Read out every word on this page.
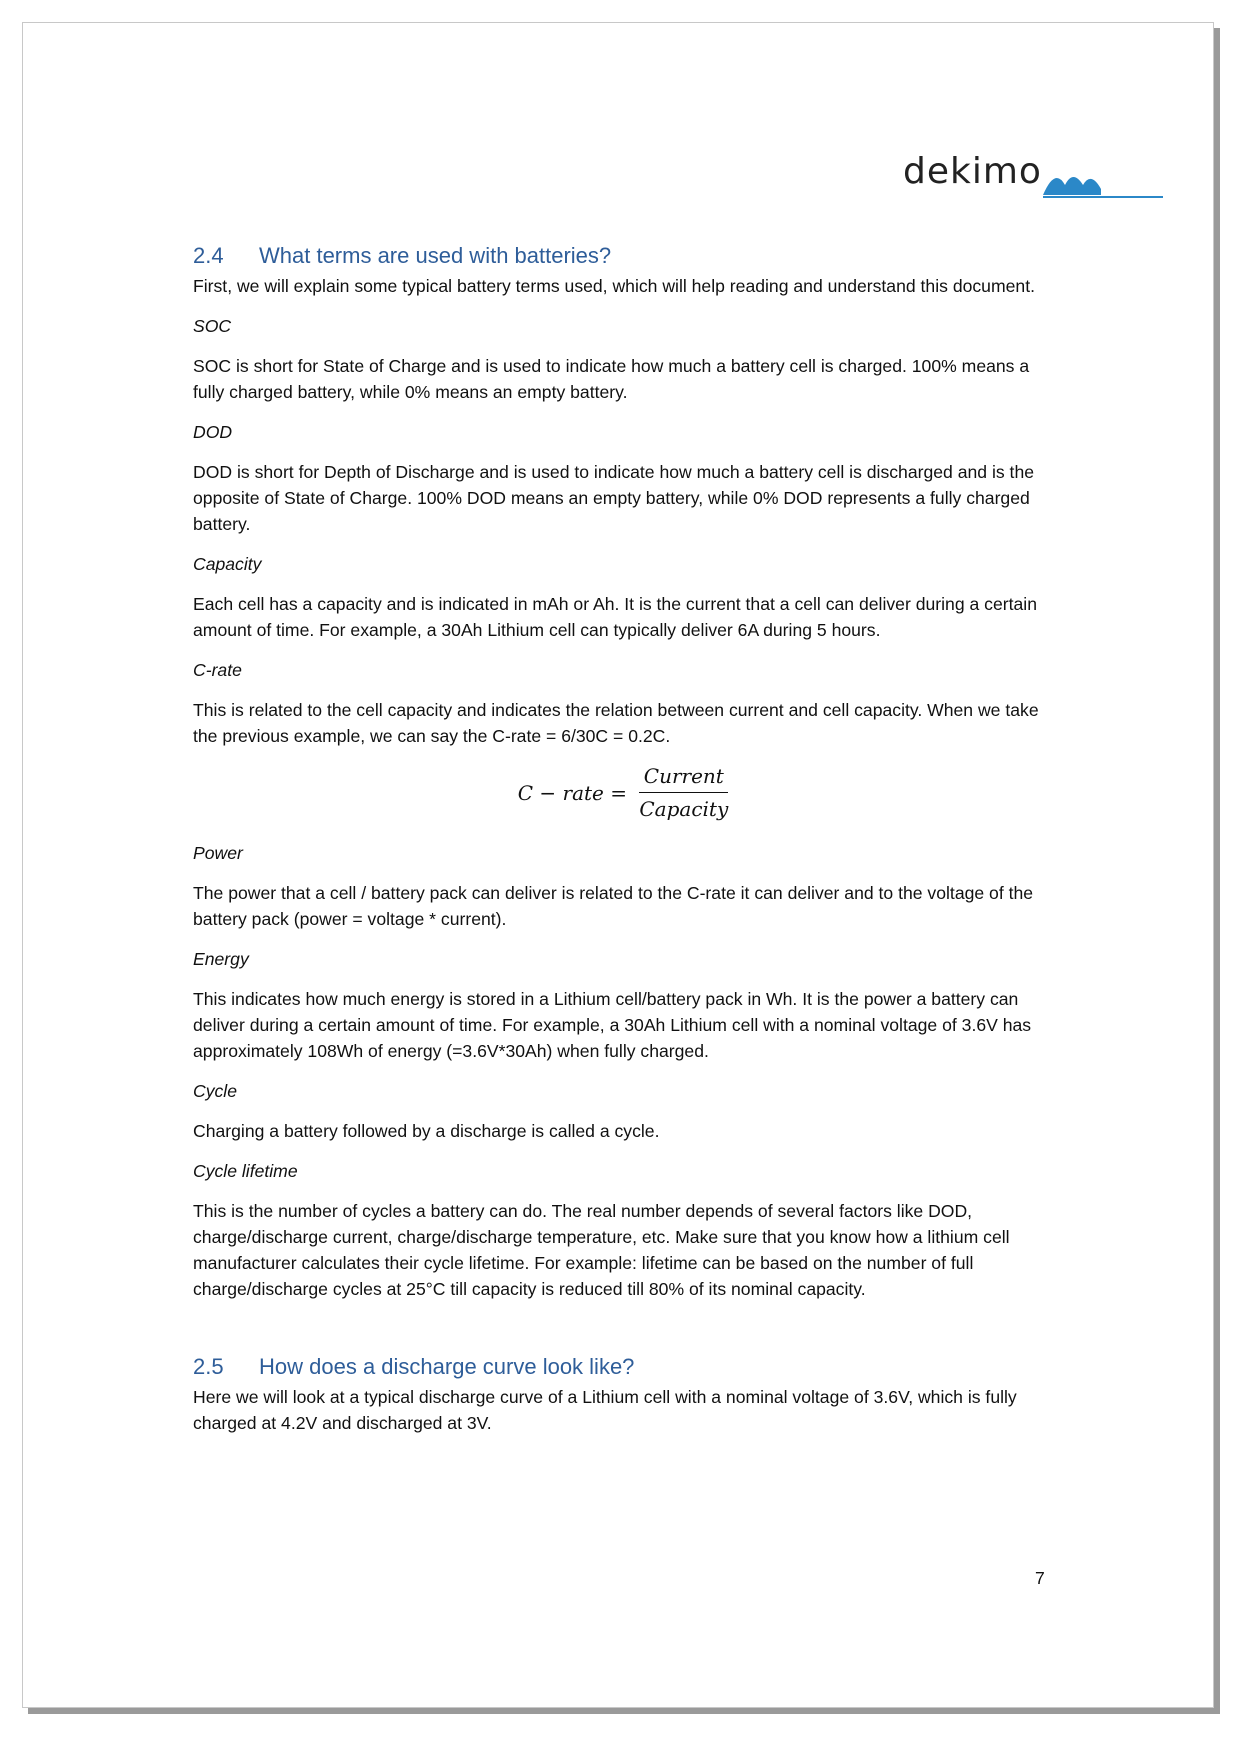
dekimo
2.4	What terms are used with batteries?

First, we will explain some typical battery terms used, which will help reading and understand this document.

SOC

SOC is short for State of Charge and is used to indicate how much a battery cell is charged. 100% means a fully charged battery, while 0% means an empty battery.

DOD

DOD is short for Depth of Discharge and is used to indicate how much a battery cell is discharged and is the opposite of State of Charge. 100% DOD means an empty battery, while 0% DOD represents a fully charged battery.

Capacity

Each cell has a capacity and is indicated in mAh or Ah. It is the current that a cell can deliver during a certain amount of time. For example, a 30Ah Lithium cell can typically deliver 6A during 5 hours.

C-rate

This is related to the cell capacity and indicates the relation between current and cell capacity. When we take the previous example, we can say the C-rate = 6/30C = 0.2C.

C − rate = $\frac{\text{Current}}{\text{Capacity}}$

Power

The power that a cell / battery pack can deliver is related to the C-rate it can deliver and to the voltage of the battery pack (power = voltage * current).

Energy

This indicates how much energy is stored in a Lithium cell/battery pack in Wh. It is the power a battery can deliver during a certain amount of time. For example, a 30Ah Lithium cell with a nominal voltage of 3.6V has approximately 108Wh of energy (=3.6V*30Ah) when fully charged.

Cycle

Charging a battery followed by a discharge is called a cycle.

Cycle lifetime

This is the number of cycles a battery can do. The real number depends of several factors like DOD, charge/discharge current, charge/discharge temperature, etc. Make sure that you know how a lithium cell manufacturer calculates their cycle lifetime. For example: lifetime can be based on the number of full charge/discharge cycles at 25°C till capacity is reduced till 80% of its nominal capacity.

2.5	How does a discharge curve look like?

Here we will look at a typical discharge curve of a Lithium cell with a nominal voltage of 3.6V, which is fully charged at 4.2V and discharged at 3V.

7
